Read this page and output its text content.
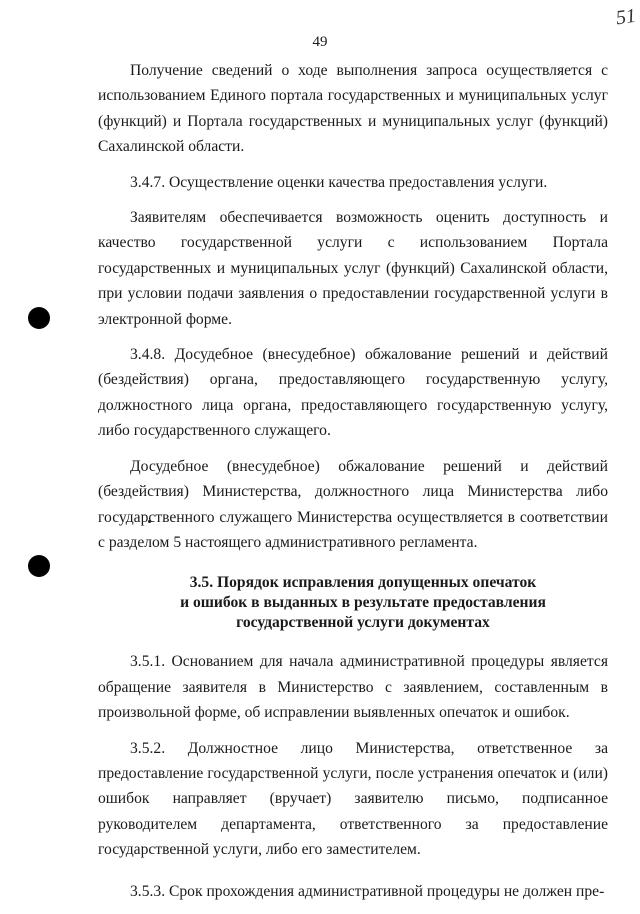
49
51

Получение сведений о ходе выполнения запроса осуществляется с использованием Единого портала государственных и муниципальных услуг (функций) и Портала государственных и муниципальных услуг (функций) Сахалинской области.

3.4.7. Осуществление оценки качества предоставления услуги.

Заявителям обеспечивается возможность оценить доступность и качество государственной услуги с использованием Портала государственных и муниципальных услуг (функций) Сахалинской области, при условии подачи заявления о предоставлении государственной услуги в электронной форме.

3.4.8. Досудебное (внесудебное) обжалование решений и действий (бездействия) органа, предоставляющего государственную услугу, должностного лица органа, предоставляющего государственную услугу, либо государственного служащего.

Досудебное (внесудебное) обжалование решений и действий (бездействия) Министерства, должностного лица Министерства либо государственного служащего Министерства осуществляется в соответствии с разделом 5 настоящего административного регламента.

3.5. Порядок исправления допущенных опечаток
и ошибок в выданных в результате предоставления
государственной услуги документах

3.5.1. Основанием для начала административной процедуры является обращение заявителя в Министерство с заявлением, составленным в произвольной форме, об исправлении выявленных опечаток и ошибок.

3.5.2. Должностное лицо Министерства, ответственное за предоставление государственной услуги, после устранения опечаток и (или) ошибок направляет (вручает) заявителю письмо, подписанное руководителем департамента, ответственного за предоставление государственной услуги, либо его заместителем.

3.5.3. Срок прохождения административной процедуры не должен пре-
